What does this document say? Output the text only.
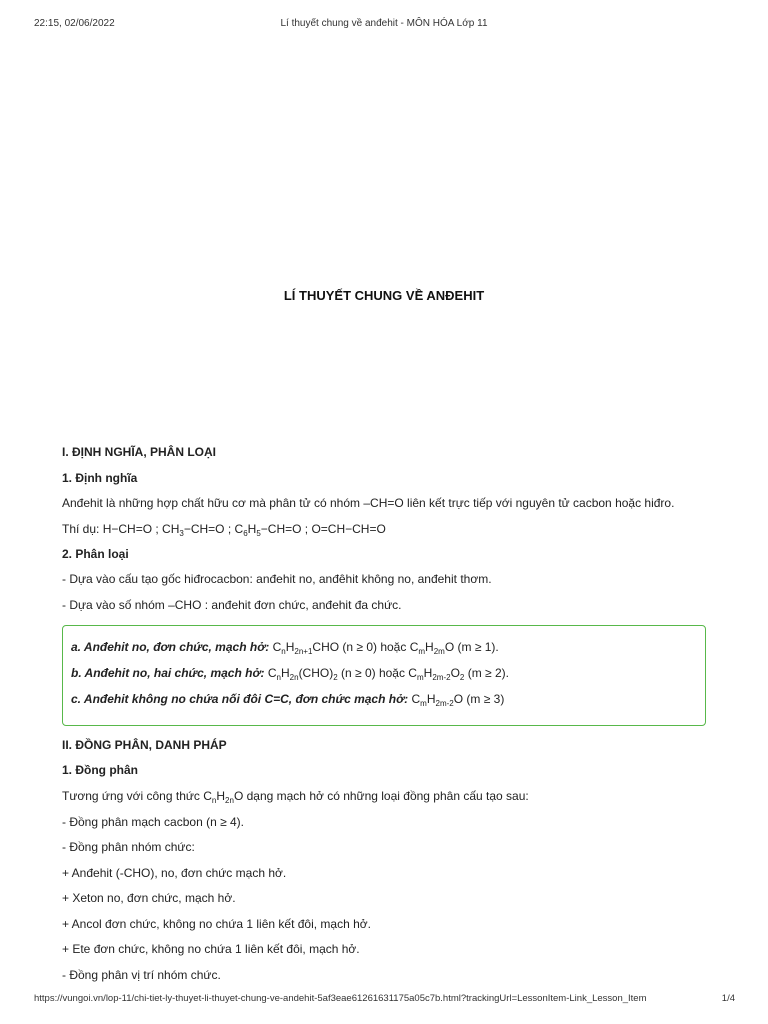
22:15, 02/06/2022	Lí thuyết chung về anđehit - MÔN HÓA Lớp 11
LÍ THUYẾT CHUNG VỀ ANĐEHIT
I. ĐỊNH NGHĨA, PHÂN LOẠI
1. Định nghĩa
Anđehit là những hợp chất hữu cơ mà phân tử có nhóm –CH=O liên kết trực tiếp với nguyên tử cacbon hoặc hiđro.
Thí dụ: H−CH=O ; $CH_3-CH=O$ ; $C_6H_5-CH=O$ ; O=CH−CH=O
2. Phân loại
- Dựa vào cấu tạo gốc hiđrocacbon: anđehit no, anđêhit không no, anđehit thơm.
- Dựa vào số nhóm –CHO : anđehit đơn chức, anđehit đa chức.
a. Anđehit no, đơn chức, mạch hở: $C_nH_{2n+1}CHO$ (n ≥ 0) hoặc $C_mH_{2m}O$ (m ≥ 1).
b. Anđehit no, hai chức, mạch hở: $C_nH_{2n}(CHO)_2$ (n ≥ 0) hoặc $C_mH_{2m-2}O_2$ (m ≥ 2).
c. Anđehit không no chứa nối đôi C=C, đơn chức mạch hở: $C_mH_{2m-2}O$ (m ≥ 3)
II. ĐỒNG PHÂN, DANH PHÁP
1. Đồng phân
Tương ứng với công thức $C_nH_{2n}O$ dạng mạch hở có những loại đồng phân cấu tạo sau:
- Đồng phân mạch cacbon (n ≥ 4).
- Đồng phân nhóm chức:
+ Anđehit (-CHO), no, đơn chức mạch hở.
+ Xeton no, đơn chức, mạch hở.
+ Ancol đơn chức, không no chứa 1 liên kết đôi, mạch hở.
+ Ete đơn chức, không no chứa 1 liên kết đôi, mạch hở.
- Đồng phân vị trí nhóm chức.
https://vungoi.vn/lop-11/chi-tiet-ly-thuyet-li-thuyet-chung-ve-andehit-5af3eae61261631175a05c7b.html?trackingUrl=LessonItem-Link_Lesson_Item	1/4
